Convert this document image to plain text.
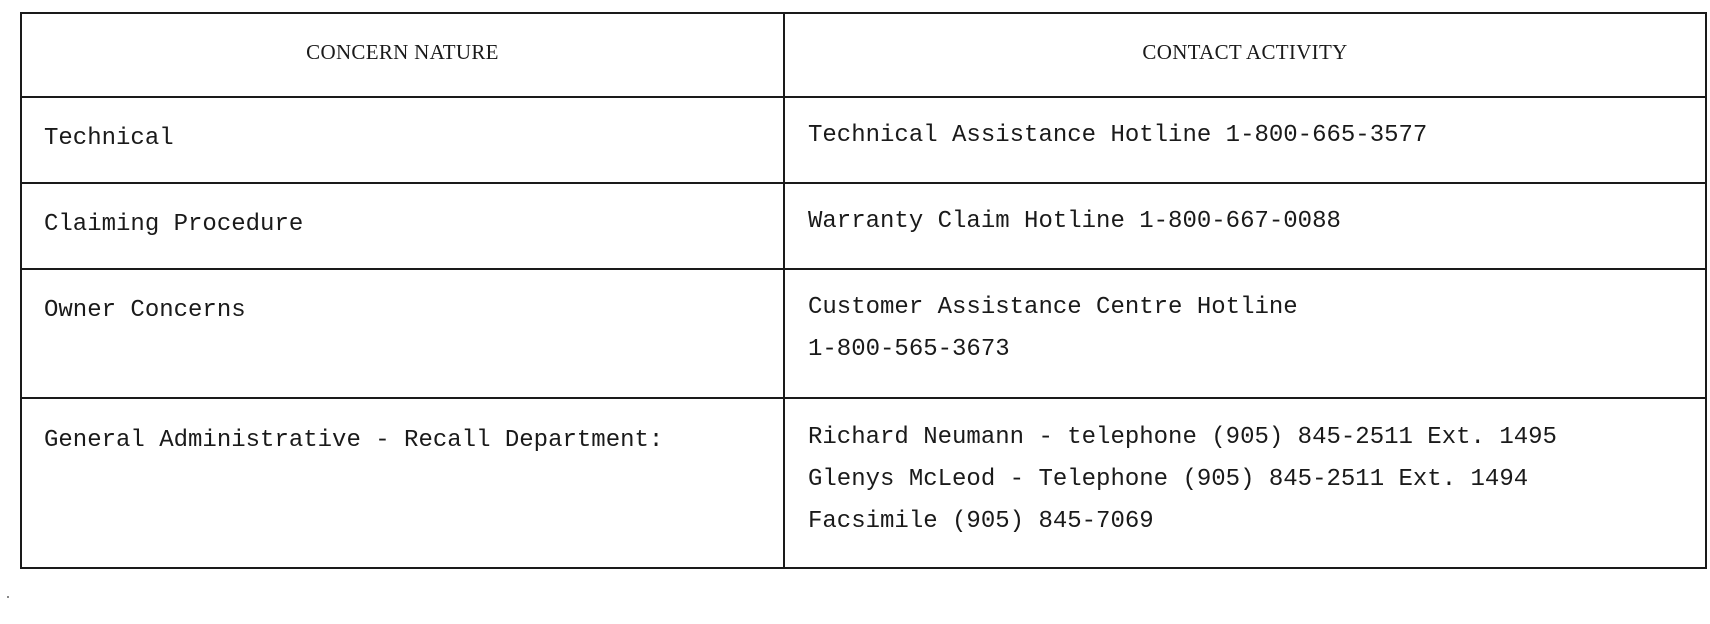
CONCERN NATURE	CONTACT ACTIVITY

Technical	Technical Assistance Hotline 1-800-665-3577

Claiming Procedure	Warranty Claim Hotline 1-800-667-0088

Owner Concerns	Customer Assistance Centre Hotline
1-800-565-3673

General Administrative - Recall Department:	Richard Neumann - telephone (905) 845-2511 Ext. 1495
Glenys McLeod - Telephone (905) 845-2511 Ext. 1494
Facsimile (905) 845-7069
